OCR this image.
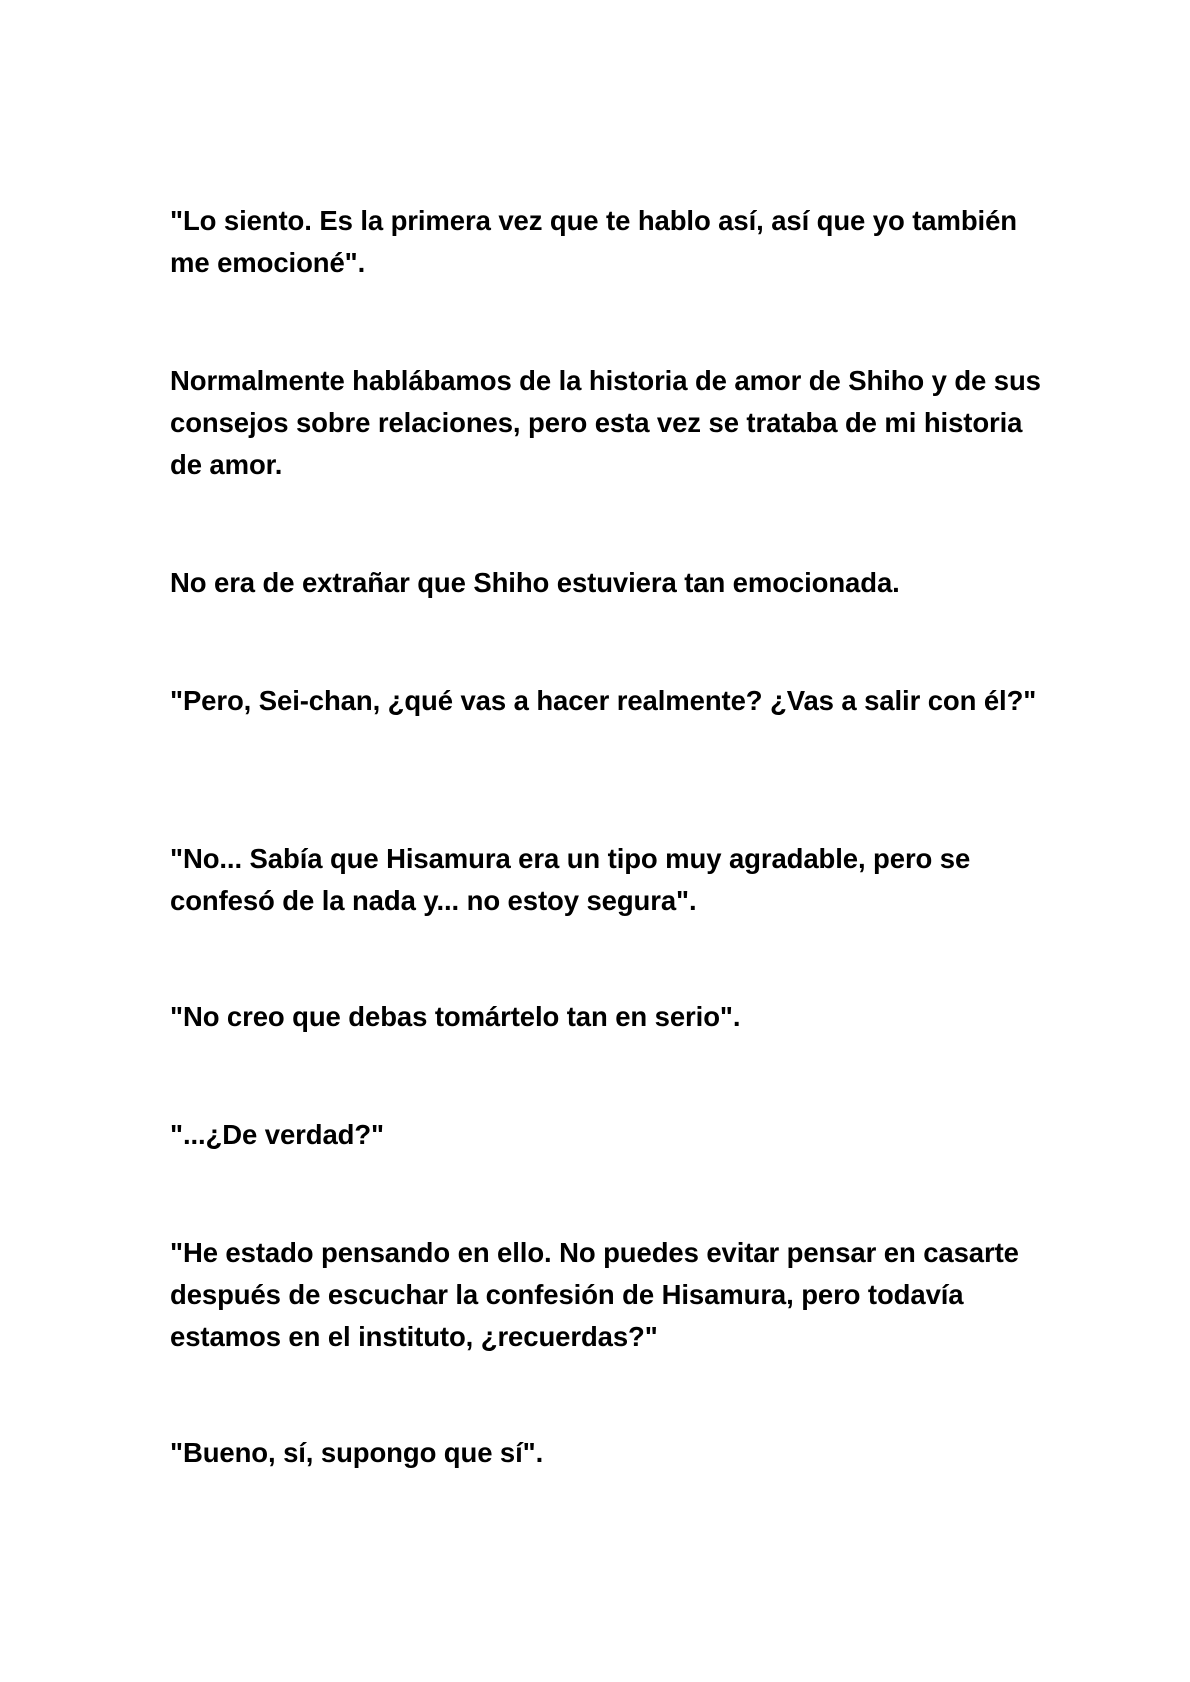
"Lo siento. Es la primera vez que te hablo así, así que yo también me emocioné".

Normalmente hablábamos de la historia de amor de Shiho y de sus consejos sobre relaciones, pero esta vez se trataba de mi historia de amor.

No era de extrañar que Shiho estuviera tan emocionada.

"Pero, Sei-chan, ¿qué vas a hacer realmente? ¿Vas a salir con él?"

"No... Sabía que Hisamura era un tipo muy agradable, pero se confesó de la nada y... no estoy segura".

"No creo que debas tomártelo tan en serio".

"...¿De verdad?"

"He estado pensando en ello. No puedes evitar pensar en casarte después de escuchar la confesión de Hisamura, pero todavía estamos en el instituto, ¿recuerdas?"

"Bueno, sí, supongo que sí".
